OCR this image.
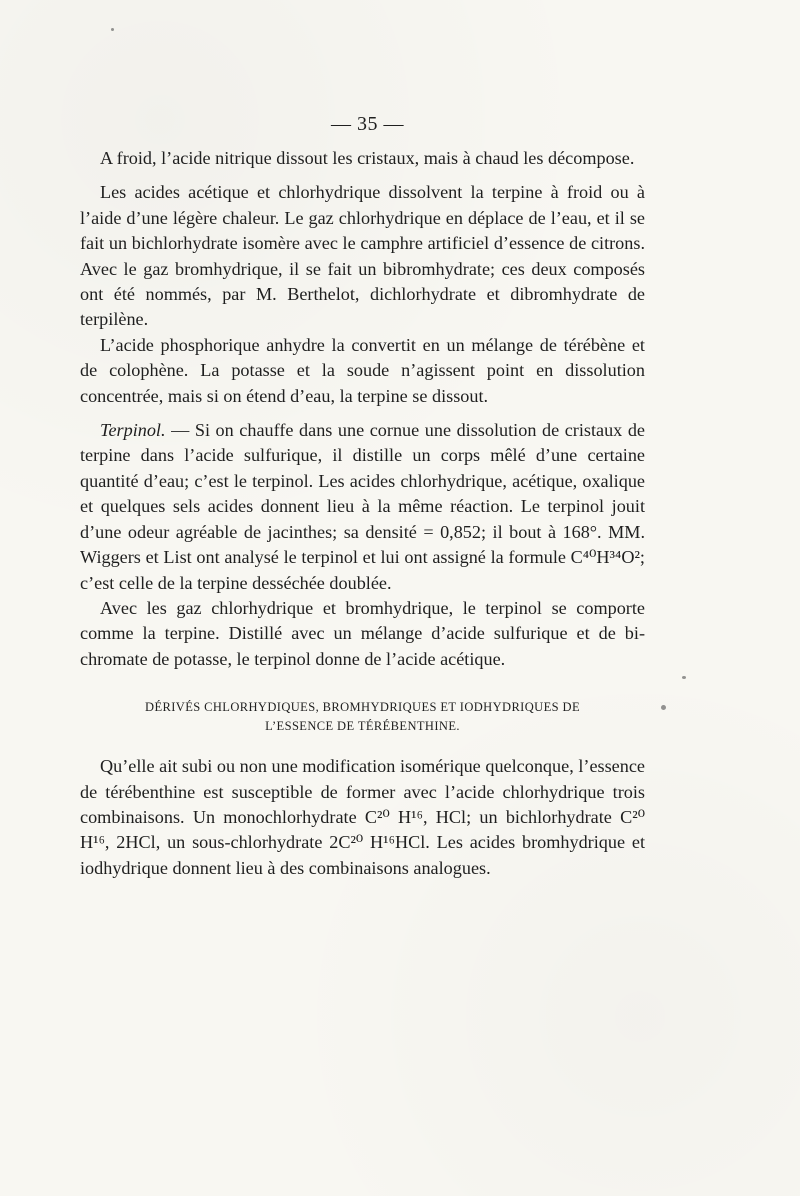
— 35 —

A froid, l’acide nitrique dissout les cristaux, mais à chaud les décompose.

Les acides acétique et chlorhydrique dissolvent la terpine à froid ou à l’aide d’une légère chaleur. Le gaz chlorhydrique en déplace de l’eau, et il se fait un bichlorhydrate isomère avec le camphre artificiel d’essence de citrons. Avec le gaz bromhydrique, il se fait un bibromhydrate; ces deux composés ont été nommés, par M. Berthelot, dichlorhydrate et dibromhydrate de terpilène.

L’acide phosphorique anhydre la convertit en un mélange de térébène et de colophène. La potasse et la soude n’agissent point en dissolution concentrée, mais si on étend d’eau, la terpine se dissout.

Terpinol. — Si on chauffe dans une cornue une dissolution de cristaux de terpine dans l’acide sulfurique, il distille un corps mêlé d’une certaine quantité d’eau; c’est le terpinol. Les acides chlorhydrique, acétique, oxalique et quelques sels acides donnent lieu à la même réaction. Le terpinol jouit d’une odeur agréable de jacinthes; sa densité = 0,852; il bout à 168°. MM. Wiggers et List ont analysé le terpinol et lui ont assigné la formule C⁴⁰H³⁴O²; c’est celle de la terpine desséchée doublée.

Avec les gaz chlorhydrique et bromhydrique, le terpinol se comporte comme la terpine. Distillé avec un mélange d’acide sulfurique et de bi-chromate de potasse, le terpinol donne de l’acide acétique.

DÉRIVÉS CHLORHYDIQUES, BROMHYDRIQUES ET IODHYDRIQUES DE
L’ESSENCE DE TÉRÉBENTHINE.

Qu’elle ait subi ou non une modification isomérique quelconque, l’essence de térébenthine est susceptible de former avec l’acide chlorhydrique trois combinaisons. Un monochlorhydrate C²⁰ H¹⁶, HCl; un bichlorhydrate C²⁰ H¹⁶, 2HCl, un sous-chlorhydrate 2C²⁰ H¹⁶HCl. Les acides bromhydrique et iodhydrique donnent lieu à des combinaisons analogues.
